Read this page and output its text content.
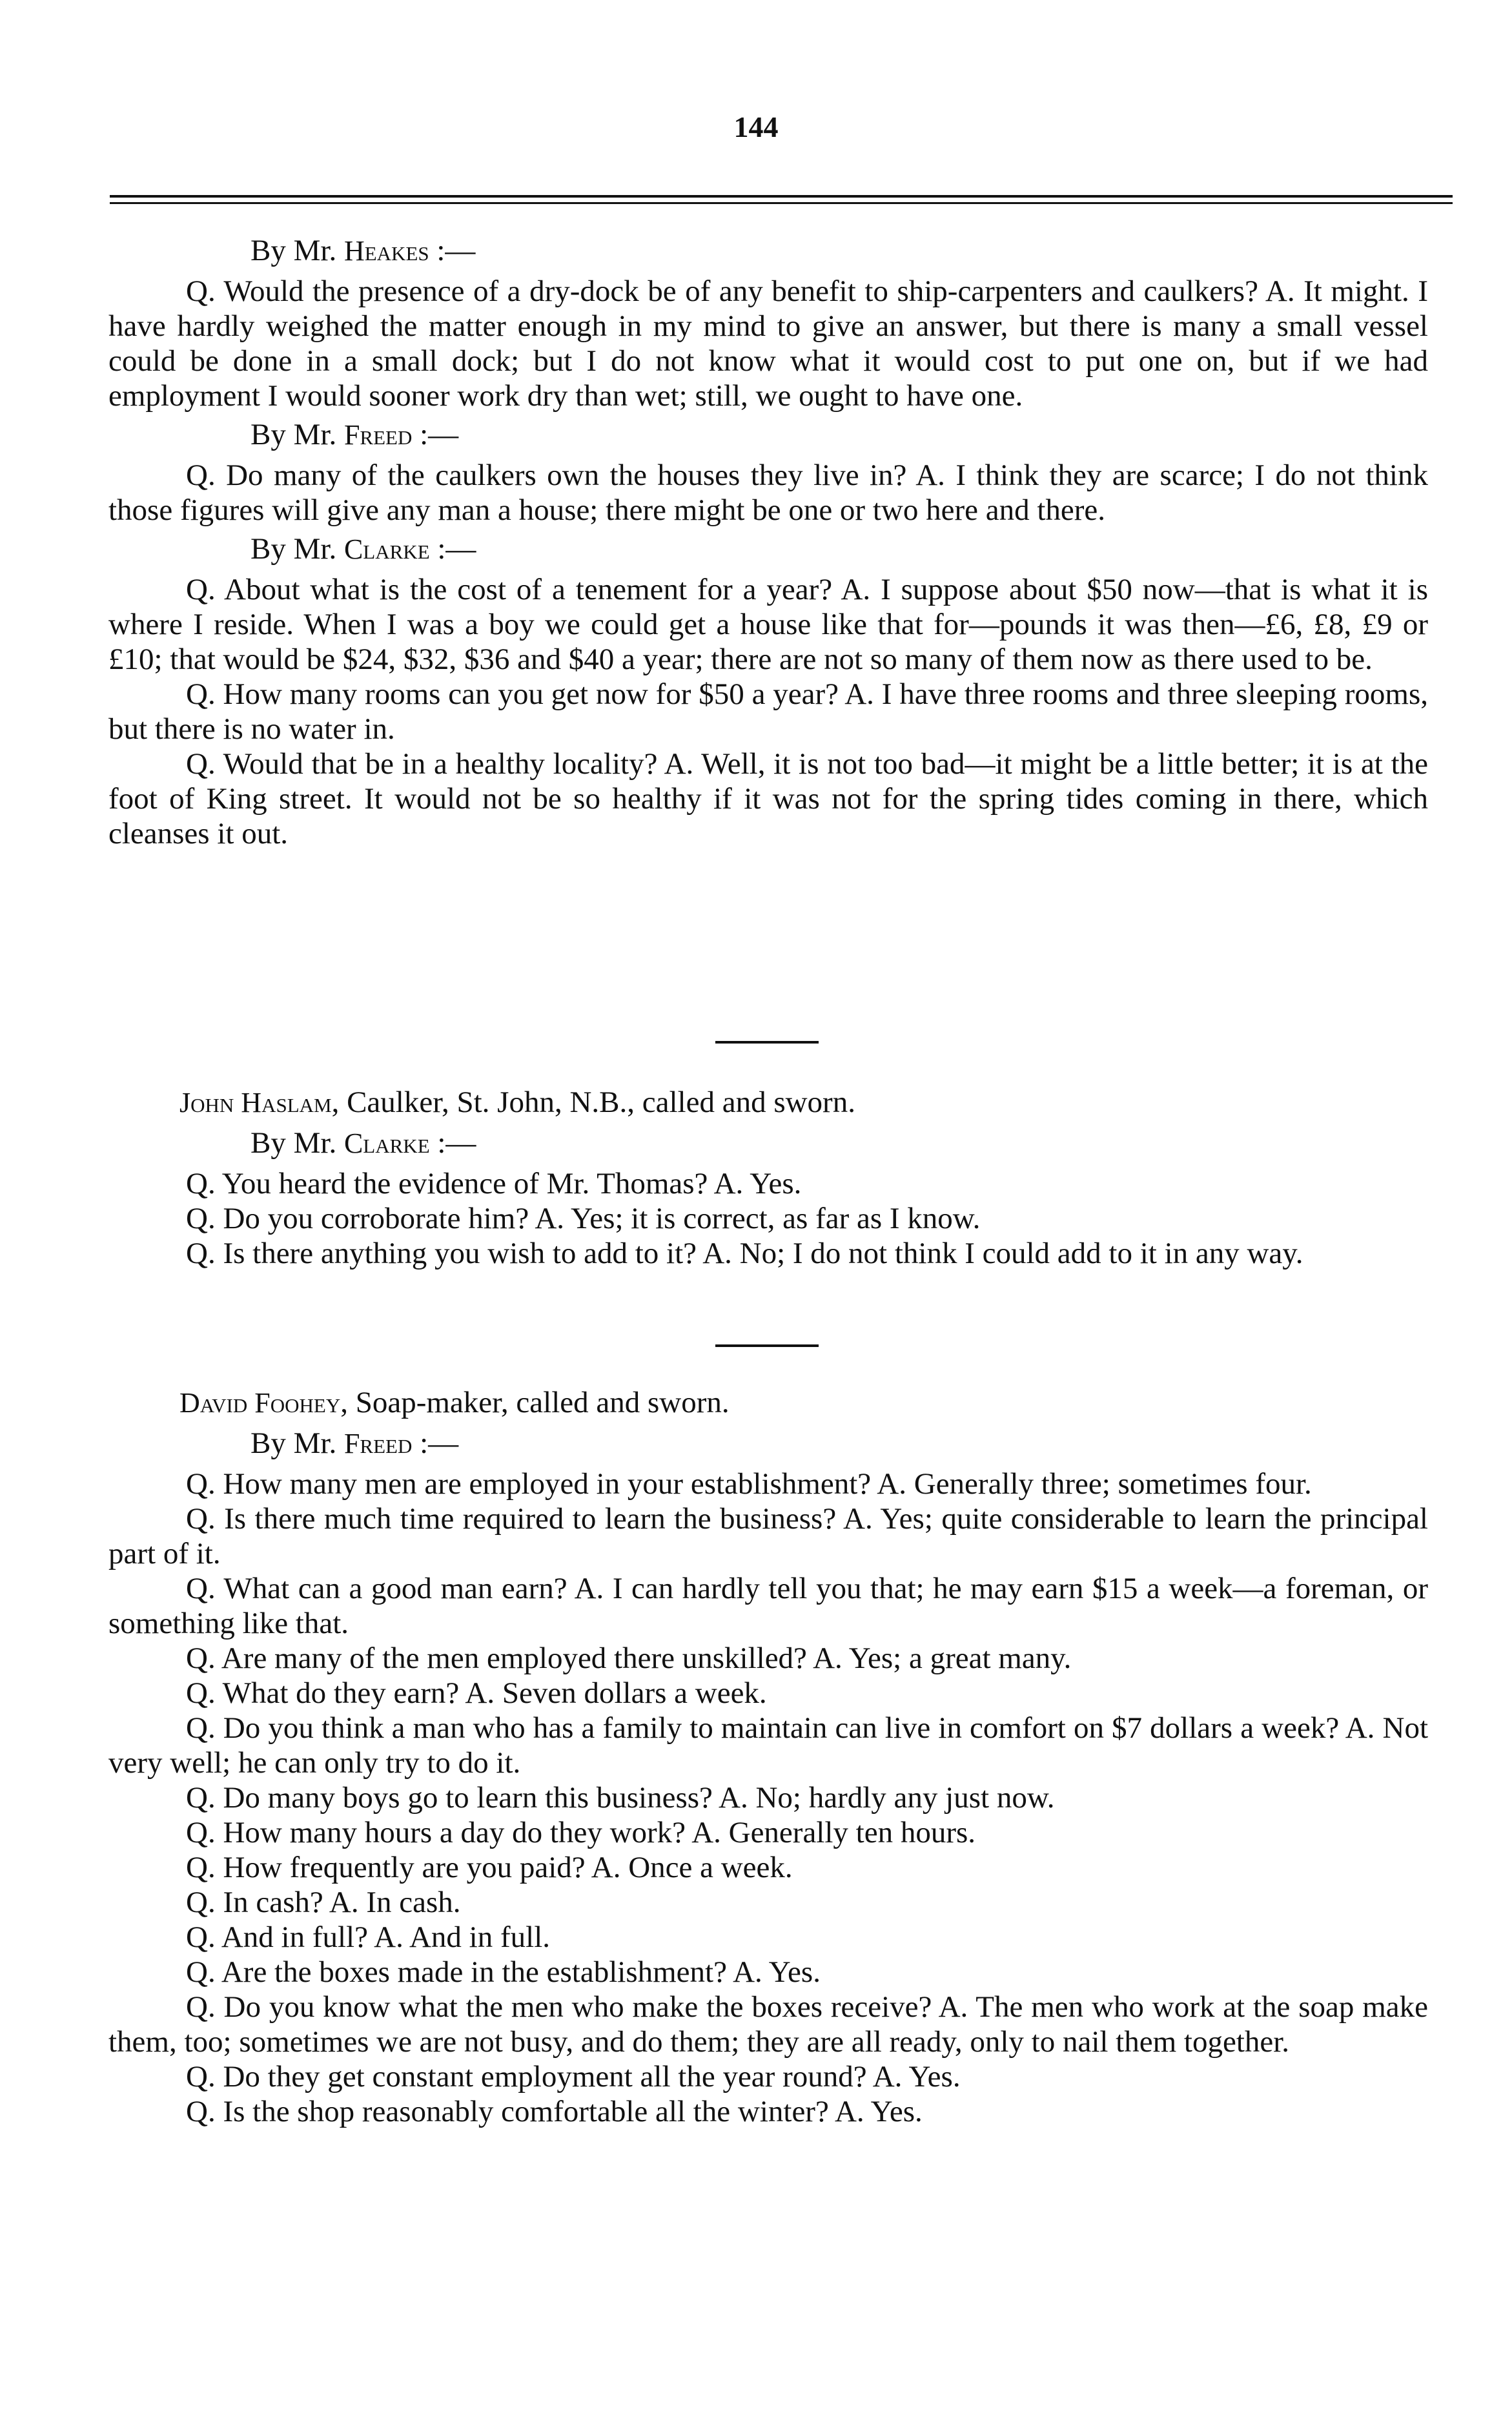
144

By Mr. Heakes :—

Q. Would the presence of a dry-dock be of any benefit to ship-carpenters and caulkers? A. It might. I have hardly weighed the matter enough in my mind to give an answer, but there is many a small vessel could be done in a small dock; but I do not know what it would cost to put one on, but if we had employment I would sooner work dry than wet; still, we ought to have one.

By Mr. Freed :—

Q. Do many of the caulkers own the houses they live in? A. I think they are scarce; I do not think those figures will give any man a house; there might be one or two here and there.

By Mr. Clarke :—

Q. About what is the cost of a tenement for a year? A. I suppose about $50 now—that is what it is where I reside. When I was a boy we could get a house like that for—pounds it was then—£6, £8, £9 or £10; that would be $24, $32, $36 and $40 a year; there are not so many of them now as there used to be.

Q. How many rooms can you get now for $50 a year? A. I have three rooms and three sleeping rooms, but there is no water in.

Q. Would that be in a healthy locality? A. Well, it is not too bad—it might be a little better; it is at the foot of King street. It would not be so healthy if it was not for the spring tides coming in there, which cleanses it out.

John Haslam, Caulker, St. John, N.B., called and sworn.

By Mr. Clarke :—

Q. You heard the evidence of Mr. Thomas? A. Yes.

Q. Do you corroborate him? A. Yes; it is correct, as far as I know.

Q. Is there anything you wish to add to it? A. No; I do not think I could add to it in any way.

David Foohey, Soap-maker, called and sworn.

By Mr. Freed :—

Q. How many men are employed in your establishment? A. Generally three; sometimes four.

Q. Is there much time required to learn the business? A. Yes; quite considerable to learn the principal part of it.

Q. What can a good man earn? A. I can hardly tell you that; he may earn $15 a week—a foreman, or something like that.

Q. Are many of the men employed there unskilled? A. Yes; a great many.

Q. What do they earn? A. Seven dollars a week.

Q. Do you think a man who has a family to maintain can live in comfort on $7 dollars a week? A. Not very well; he can only try to do it.

Q. Do many boys go to learn this business? A. No; hardly any just now.

Q. How many hours a day do they work? A. Generally ten hours.

Q. How frequently are you paid? A. Once a week.

Q. In cash? A. In cash.

Q. And in full? A. And in full.

Q. Are the boxes made in the establishment? A. Yes.

Q. Do you know what the men who make the boxes receive? A. The men who work at the soap make them, too; sometimes we are not busy, and do them; they are all ready, only to nail them together.

Q. Do they get constant employment all the year round? A. Yes.

Q. Is the shop reasonably comfortable all the winter? A. Yes.
